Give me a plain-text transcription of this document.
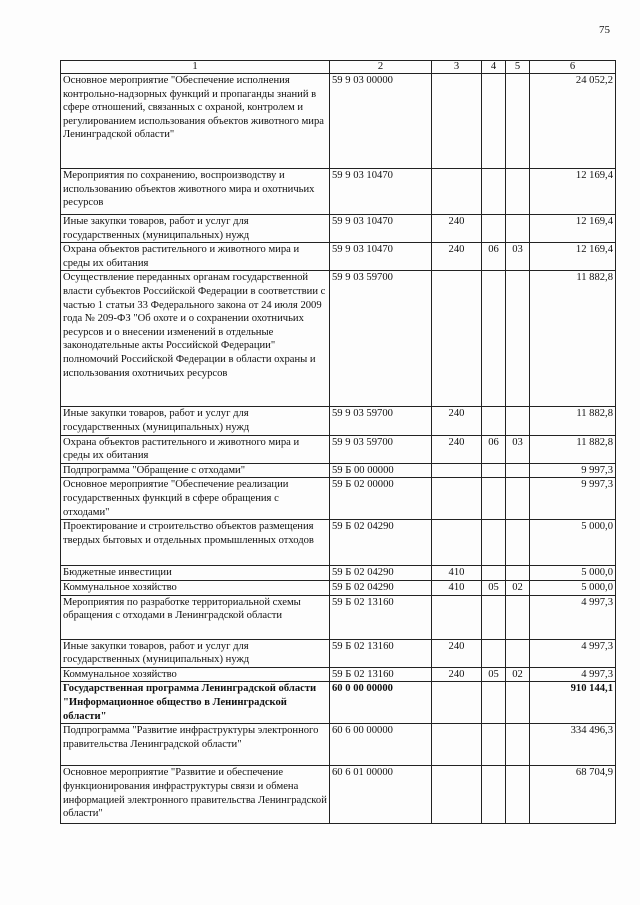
75
1	2	3	4	5	6
Основное мероприятие "Обеспечение исполнения контрольно-надзорных функций и пропаганды знаний в сфере отношений, связанных с охраной, контролем и регулированием использования объектов животного мира Ленинградской области"	59 9 03 00000				24 052,2
Мероприятия по сохранению, воспроизводству и использованию объектов животного мира и охотничьих ресурсов	59 9 03 10470				12 169,4
Иные закупки товаров, работ и услуг для государственных (муниципальных) нужд	59 9 03 10470	240			12 169,4
Охрана объектов растительного и животного мира и среды их обитания	59 9 03 10470	240	06	03	12 169,4
Осуществление переданных органам государственной власти субъектов Российской Федерации в соответствии с частью 1 статьи 33 Федерального закона от 24 июля 2009 года № 209-ФЗ "Об охоте и о сохранении охотничьих ресурсов и о внесении изменений в отдельные законодательные акты Российской Федерации" полномочий Российской Федерации в области охраны и использования охотничьих ресурсов	59 9 03 59700				11 882,8
Иные закупки товаров, работ и услуг для государственных (муниципальных) нужд	59 9 03 59700	240			11 882,8
Охрана объектов растительного и животного мира и среды их обитания	59 9 03 59700	240	06	03	11 882,8
Подпрограмма "Обращение с отходами"	59 Б 00 00000				9 997,3
Основное мероприятие "Обеспечение реализации государственных функций в сфере обращения с отходами"	59 Б 02 00000				9 997,3
Проектирование и строительство объектов размещения твердых бытовых и отдельных промышленных отходов	59 Б 02 04290				5 000,0
Бюджетные инвестиции	59 Б 02 04290	410			5 000,0
Коммунальное хозяйство	59 Б 02 04290	410	05	02	5 000,0
Мероприятия по разработке территориальной схемы обращения с отходами в Ленинградской области	59 Б 02 13160				4 997,3
Иные закупки товаров, работ и услуг для государственных (муниципальных) нужд	59 Б 02 13160	240			4 997,3
Коммунальное хозяйство	59 Б 02 13160	240	05	02	4 997,3
Государственная программа Ленинградской области "Информационное общество в Ленинградской области"	60 0 00 00000				910 144,1
Подпрограмма "Развитие инфраструктуры электронного правительства Ленинградской области"	60 6 00 00000				334 496,3
Основное мероприятие "Развитие и обеспечение функционирования инфраструктуры связи и обмена информацией электронного правительства Ленинградской области"	60 6 01 00000				68 704,9
